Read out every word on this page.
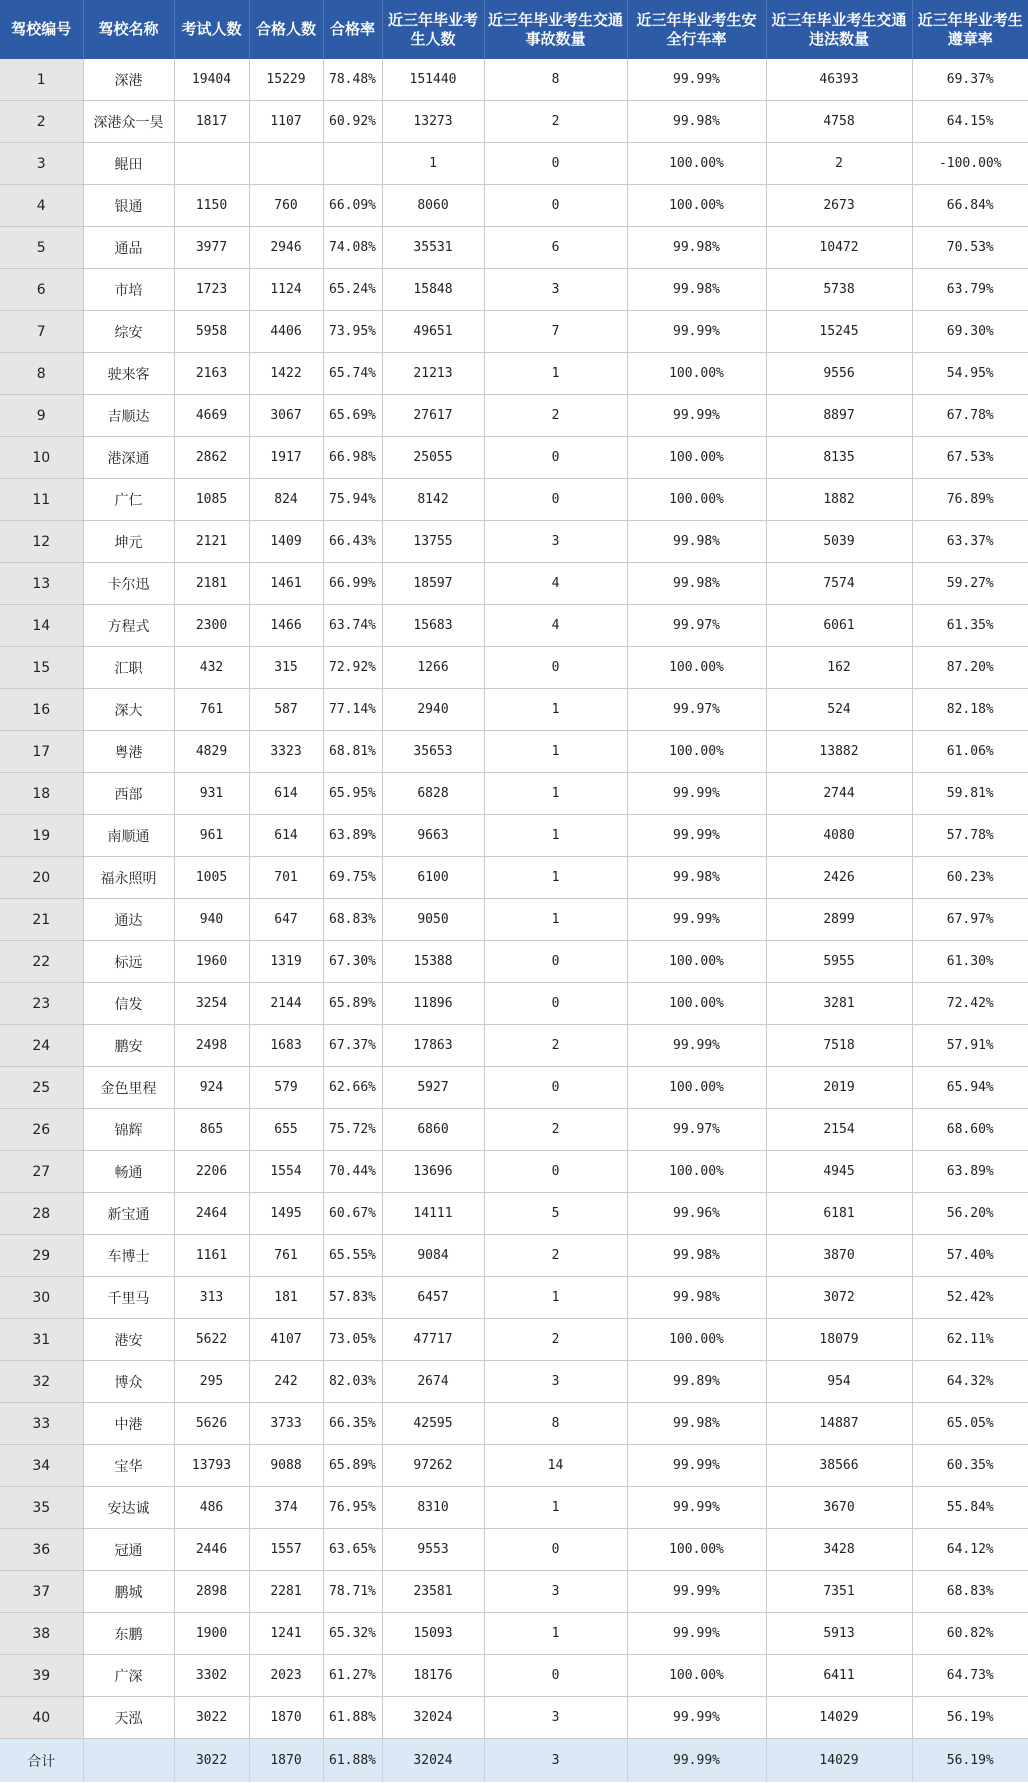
驾校编号	驾校名称	考试人数	合格人数	合格率	近三年毕业考生人数	近三年毕业考生交通事故数量	近三年毕业考生安全行车率	近三年毕业考生交通违法数量	近三年毕业考生遵章率
1	深港	19404	15229	78.48%	151440	8	99.99%	46393	69.37%
2	深港众一昊	1817	1107	60.92%	13273	2	99.98%	4758	64.15%
3	鲲田				1	0	100.00%	2	-100.00%
4	银通	1150	760	66.09%	8060	0	100.00%	2673	66.84%
5	通品	3977	2946	74.08%	35531	6	99.98%	10472	70.53%
6	市培	1723	1124	65.24%	15848	3	99.98%	5738	63.79%
7	综安	5958	4406	73.95%	49651	7	99.99%	15245	69.30%
8	驶来客	2163	1422	65.74%	21213	1	100.00%	9556	54.95%
9	吉顺达	4669	3067	65.69%	27617	2	99.99%	8897	67.78%
10	港深通	2862	1917	66.98%	25055	0	100.00%	8135	67.53%
11	广仁	1085	824	75.94%	8142	0	100.00%	1882	76.89%
12	坤元	2121	1409	66.43%	13755	3	99.98%	5039	63.37%
13	卡尔迅	2181	1461	66.99%	18597	4	99.98%	7574	59.27%
14	方程式	2300	1466	63.74%	15683	4	99.97%	6061	61.35%
15	汇职	432	315	72.92%	1266	0	100.00%	162	87.20%
16	深大	761	587	77.14%	2940	1	99.97%	524	82.18%
17	粤港	4829	3323	68.81%	35653	1	100.00%	13882	61.06%
18	西部	931	614	65.95%	6828	1	99.99%	2744	59.81%
19	南顺通	961	614	63.89%	9663	1	99.99%	4080	57.78%
20	福永照明	1005	701	69.75%	6100	1	99.98%	2426	60.23%
21	通达	940	647	68.83%	9050	1	99.99%	2899	67.97%
22	标远	1960	1319	67.30%	15388	0	100.00%	5955	61.30%
23	信发	3254	2144	65.89%	11896	0	100.00%	3281	72.42%
24	鹏安	2498	1683	67.37%	17863	2	99.99%	7518	57.91%
25	金色里程	924	579	62.66%	5927	0	100.00%	2019	65.94%
26	锦辉	865	655	75.72%	6860	2	99.97%	2154	68.60%
27	畅通	2206	1554	70.44%	13696	0	100.00%	4945	63.89%
28	新宝通	2464	1495	60.67%	14111	5	99.96%	6181	56.20%
29	车博士	1161	761	65.55%	9084	2	99.98%	3870	57.40%
30	千里马	313	181	57.83%	6457	1	99.98%	3072	52.42%
31	港安	5622	4107	73.05%	47717	2	100.00%	18079	62.11%
32	博众	295	242	82.03%	2674	3	99.89%	954	64.32%
33	中港	5626	3733	66.35%	42595	8	99.98%	14887	65.05%
34	宝华	13793	9088	65.89%	97262	14	99.99%	38566	60.35%
35	安达诚	486	374	76.95%	8310	1	99.99%	3670	55.84%
36	冠通	2446	1557	63.65%	9553	0	100.00%	3428	64.12%
37	鹏城	2898	2281	78.71%	23581	3	99.99%	7351	68.83%
38	东鹏	1900	1241	65.32%	15093	1	99.99%	5913	60.82%
39	广深	3302	2023	61.27%	18176	0	100.00%	6411	64.73%
40	天泓	3022	1870	61.88%	32024	3	99.99%	14029	56.19%
合计		3022	1870	61.88%	32024	3	99.99%	14029	56.19%
